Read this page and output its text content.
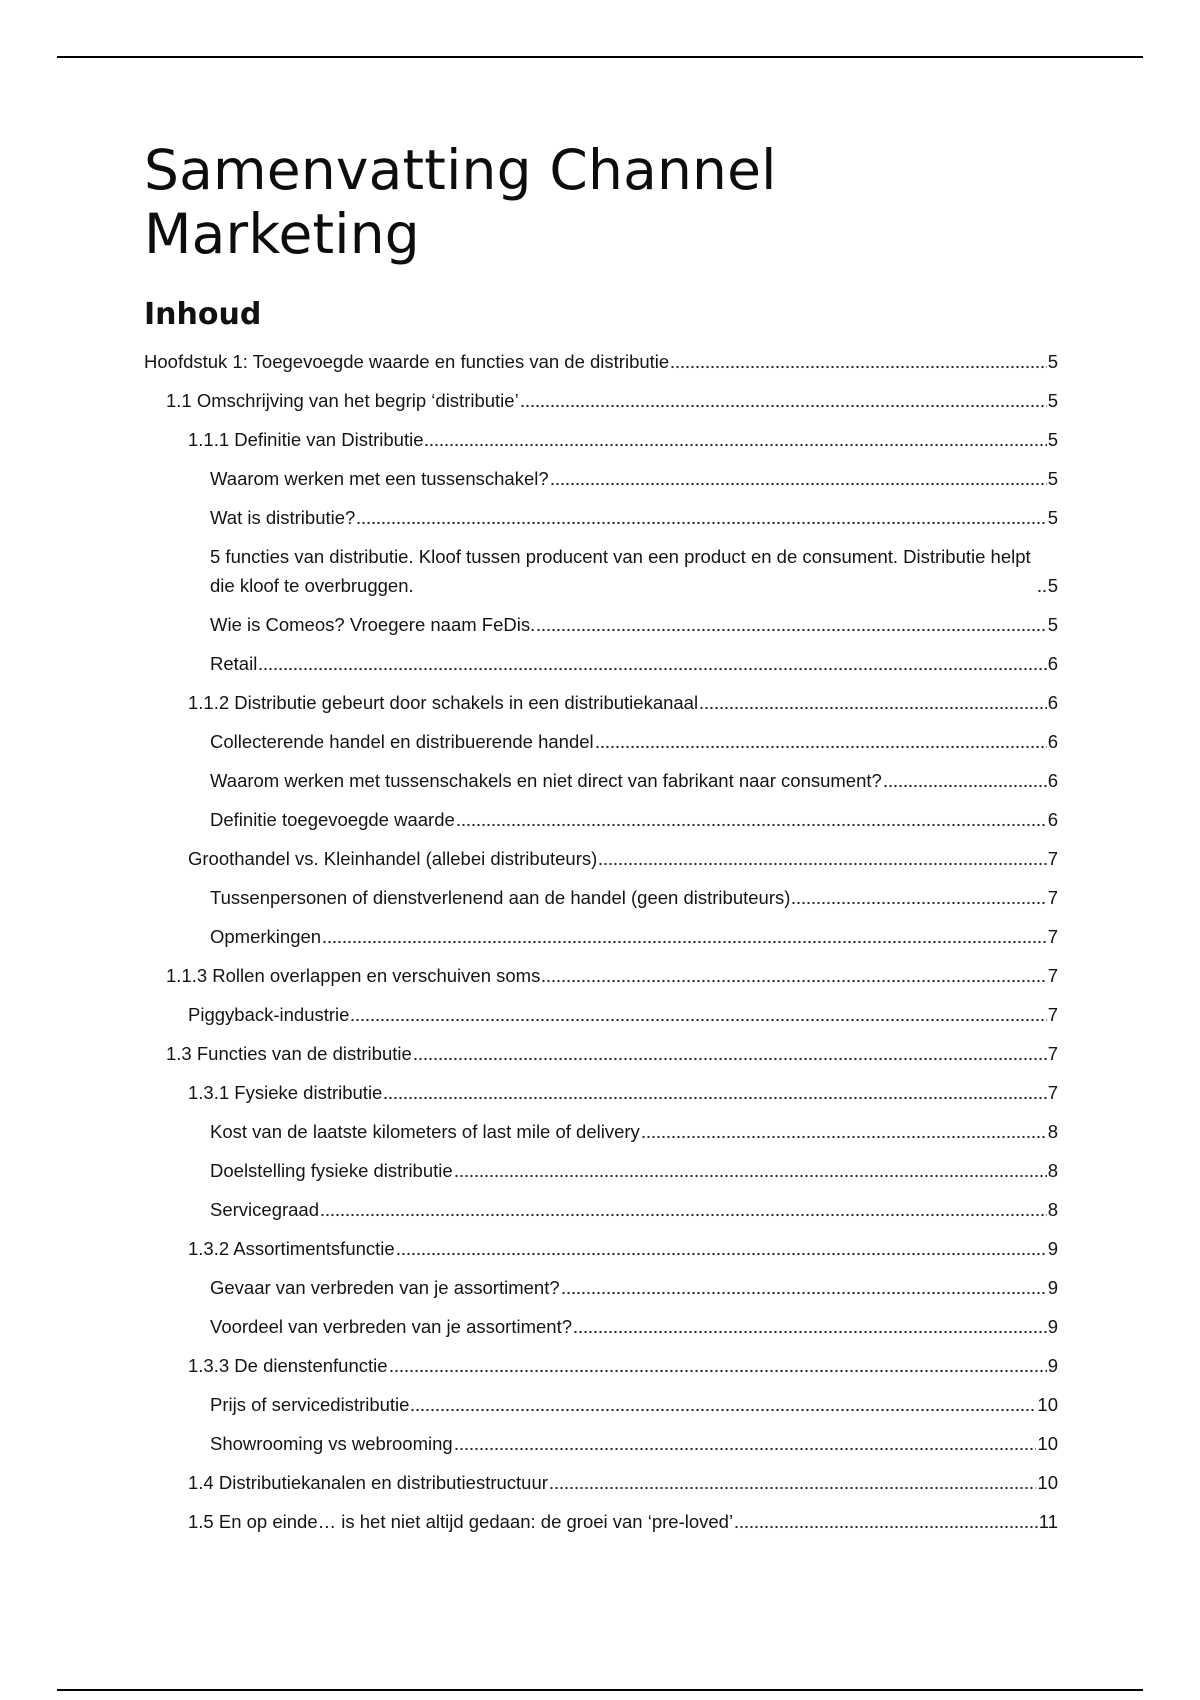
Samenvatting Channel Marketing
Inhoud
Hoofdstuk 1: Toegevoegde waarde en functies van de distributie	5
1.1 Omschrijving van het begrip ‘distributie’	5
1.1.1 Definitie van Distributie	5
Waarom werken met een tussenschakel?	5
Wat is distributie?	5
5 functies van distributie. Kloof tussen producent van een product en de consument. Distributie helpt die kloof te overbruggen.	5
Wie is Comeos? Vroegere naam FeDis.	5
Retail	6
1.1.2 Distributie gebeurt door schakels in een distributiekanaal	6
Collecterende handel en distribuerende handel	6
Waarom werken met tussenschakels en niet direct van fabrikant naar consument?	6
Definitie toegevoegde waarde	6
Groothandel vs. Kleinhandel (allebei distributeurs)	7
Tussenpersonen of dienstverlenend aan de handel (geen distributeurs)	7
Opmerkingen	7
1.1.3 Rollen overlappen en verschuiven soms	7
Piggyback-industrie	7
1.3 Functies van de distributie	7
1.3.1 Fysieke distributie	7
Kost van de laatste kilometers of last mile of delivery	8
Doelstelling fysieke distributie	8
Servicegraad	8
1.3.2 Assortimentsfunctie	9
Gevaar van verbreden van je assortiment?	9
Voordeel van verbreden van je assortiment?	9
1.3.3 De dienstenfunctie	9
Prijs of servicedistributie	10
Showrooming vs webrooming	10
1.4 Distributiekanalen en distributiestructuur	10
1.5 En op einde… is het niet altijd gedaan: de groei van ‘pre-loved’	11
